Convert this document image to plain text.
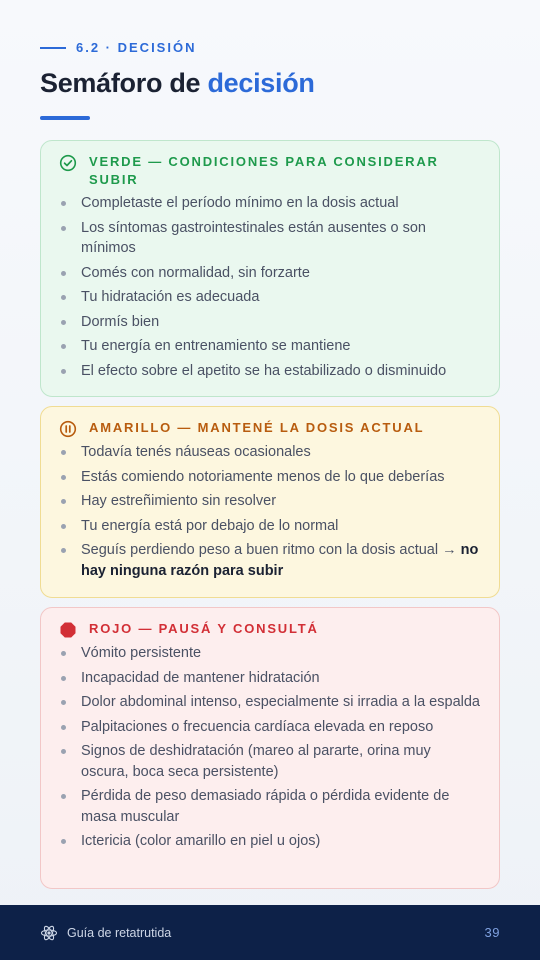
6.2 · DECISIÓN
Semáforo de decisión
VERDE — CONDICIONES PARA CONSIDERAR SUBIR
Completaste el período mínimo en la dosis actual
Los síntomas gastrointestinales están ausentes o son mínimos
Comés con normalidad, sin forzarte
Tu hidratación es adecuada
Dormís bien
Tu energía en entrenamiento se mantiene
El efecto sobre el apetito se ha estabilizado o disminuido
AMARILLO — MANTENÉ LA DOSIS ACTUAL
Todavía tenés náuseas ocasionales
Estás comiendo notoriamente menos de lo que deberías
Hay estreñimiento sin resolver
Tu energía está por debajo de lo normal
Seguís perdiendo peso a buen ritmo con la dosis actual → no hay ninguna razón para subir
ROJO — PAUSÁ Y CONSULTÁ
Vómito persistente
Incapacidad de mantener hidratación
Dolor abdominal intenso, especialmente si irradia a la espalda
Palpitaciones o frecuencia cardíaca elevada en reposo
Signos de deshidratación (mareo al pararte, orina muy oscura, boca seca persistente)
Pérdida de peso demasiado rápida o pérdida evidente de masa muscular
Ictericia (color amarillo en piel u ojos)
Guía de retatrutida	39
